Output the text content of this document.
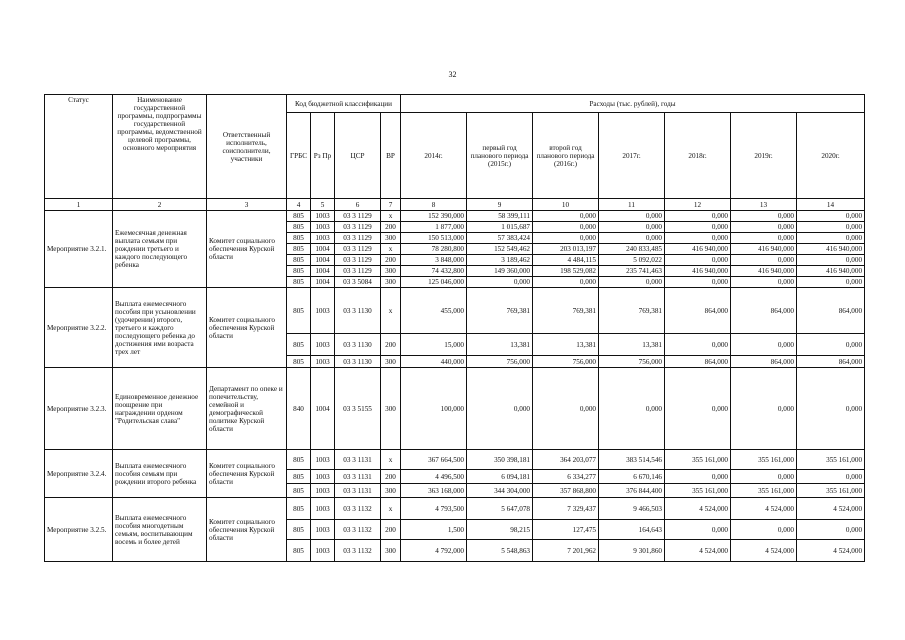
32
Статус	Наименование государственной программы, подпрограммы государственной программы, ведомственной целевой программы, основного мероприятия	Ответственный исполнитель, соисполнители, участники	Код бюджетной классификации				Расходы (тыс. рублей), годы						
			ГРБС	Рз Пр	ЦСР	ВР	2014г.	первый год планового периода (2015г.)	второй год планового периода (2016г.)	2017г.	2018г.	2019г.	2020г.
1	2	3	4	5	6	7	8	9	10	11	12	13	14
Мероприятие 3.2.1.	Ежемесячная денежная выплата семьям при рождении третьего и каждого последующего ребенка	Комитет социального обеспечения Курской области	805	1003	03 3 1129	x	152 390,000	58 399,111	0,000	0,000	0,000	0,000	0,000
			805	1003	03 3 1129	200	1 877,000	1 015,687	0,000	0,000	0,000	0,000	0,000
			805	1003	03 3 1129	300	150 513,000	57 383,424	0,000	0,000	0,000	0,000	0,000
			805	1004	03 3 1129	x	78 280,800	152 549,462	203 013,197	240 833,485	416 940,000	416 940,000	416 940,000
			805	1004	03 3 1129	200	3 848,000	3 189,462	4 484,115	5 092,022	0,000	0,000	0,000
			805	1004	03 3 1129	300	74 432,800	149 360,000	198 529,082	235 741,463	416 940,000	416 940,000	416 940,000
			805	1004	03 3 5084	300	125 046,000	0,000	0,000	0,000	0,000	0,000	0,000
Мероприятие 3.2.2.	Выплата ежемесячного пособия при усыновлении (удочерении) второго, третьего и каждого последующего ребенка до достижения ими возраста трех лет	Комитет социального обеспечения Курской области	805	1003	03 3 1130	x	455,000	769,381	769,381	769,381	864,000	864,000	864,000
			805	1003	03 3 1130	200	15,000	13,381	13,381	13,381	0,000	0,000	0,000
			805	1003	03 3 1130	300	440,000	756,000	756,000	756,000	864,000	864,000	864,000
Мероприятие 3.2.3.	Единовременное денежное поощрение при награждении орденом "Родительская слава"	Департамент по опеке и попечительству, семейной и демографической политике Курской области	840	1004	03 3 5155	300	100,000	0,000	0,000	0,000	0,000	0,000	0,000
Мероприятие 3.2.4.	Выплата ежемесячного пособия семьям при рождении второго ребенка	Комитет социального обеспечения Курской области	805	1003	03 3 1131	x	367 664,500	350 398,181	364 203,077	383 514,546	355 161,000	355 161,000	355 161,000
			805	1003	03 3 1131	200	4 496,500	6 094,181	6 334,277	6 670,146	0,000	0,000	0,000
			805	1003	03 3 1131	300	363 168,000	344 304,000	357 868,800	376 844,400	355 161,000	355 161,000	355 161,000
Мероприятие 3.2.5.	Выплата ежемесячного пособия многодетным семьям, воспитывающим восемь и более детей	Комитет социального обеспечения Курской области	805	1003	03 3 1132	x	4 793,500	5 647,078	7 329,437	9 466,503	4 524,000	4 524,000	4 524,000
			805	1003	03 3 1132	200	1,500	98,215	127,475	164,643	0,000	0,000	0,000
			805	1003	03 3 1132	300	4 792,000	5 548,863	7 201,962	9 301,860	4 524,000	4 524,000	4 524,000
